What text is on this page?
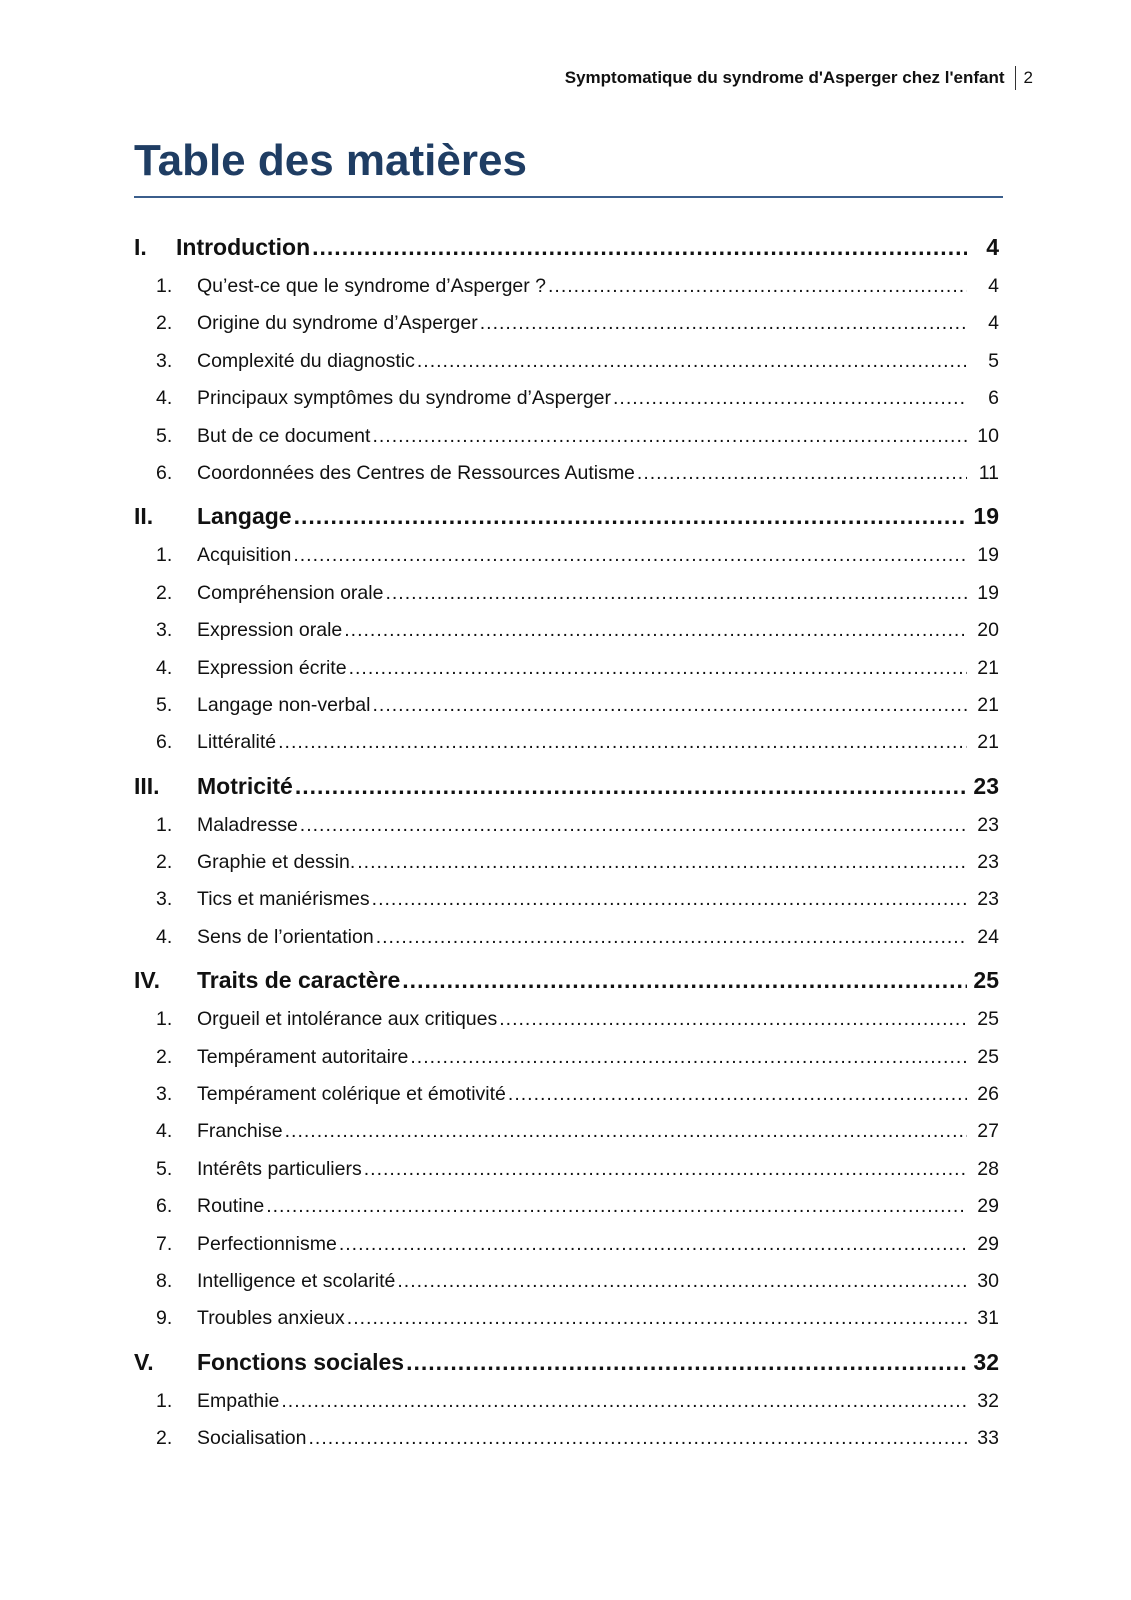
Symptomatique du syndrome d'Asperger chez l'enfant	2
Table des matières
I. Introduction .....	4
1. Qu’est-ce que le syndrome d’Asperger ? .....	4
2. Origine du syndrome d’Asperger .....	4
3. Complexité du diagnostic .....	5
4. Principaux symptômes du syndrome d’Asperger .....	6
5. But de ce document .....	10
6. Coordonnées des Centres de Ressources Autisme .....	11
II. Langage .....	19
1. Acquisition .....	19
2. Compréhension orale .....	19
3. Expression orale .....	20
4. Expression écrite .....	21
5. Langage non-verbal .....	21
6. Littéralité .....	21
III. Motricité .....	23
1. Maladresse .....	23
2. Graphie et dessin. .....	23
3. Tics et maniérismes .....	23
4. Sens de l’orientation .....	24
IV. Traits de caractère .....	25
1. Orgueil et intolérance aux critiques .....	25
2. Tempérament autoritaire .....	25
3. Tempérament colérique et émotivité .....	26
4. Franchise .....	27
5. Intérêts particuliers .....	28
6. Routine .....	29
7. Perfectionnisme .....	29
8. Intelligence et scolarité .....	30
9. Troubles anxieux .....	31
V. Fonctions sociales .....	32
1. Empathie .....	32
2. Socialisation .....	33
